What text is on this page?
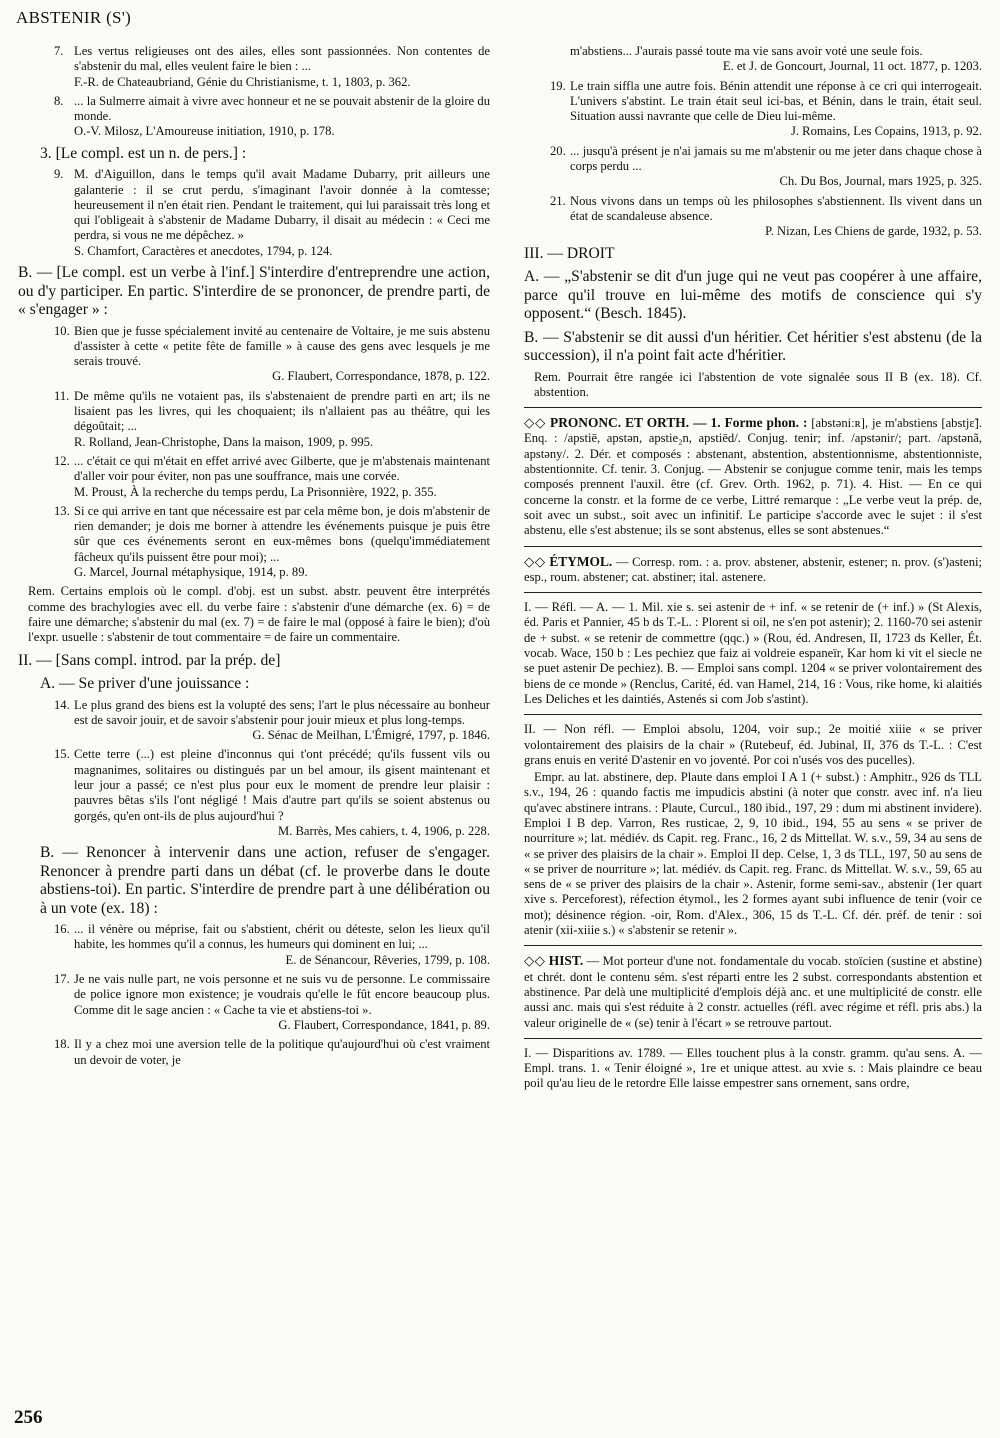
ABSTENIR (S')
7. Les vertus religieuses ont des ailes, elles sont passionnées. Non contentes de s'abstenir du mal, elles veulent faire le bien : ...
F.-R. de Chateaubriand, Génie du Christianisme, t. 1, 1803, p. 362.
8. ... la Sulmerre aimait à vivre avec honneur et ne se pouvait abstenir de la gloire du monde.
O.-V. Milosz, L'Amoureuse initiation, 1910, p. 178.
3. [Le compl. est un n. de pers.] :
9. M. d'Aiguillon, dans le temps qu'il avait Madame Dubarry, prit ailleurs une galanterie : il se crut perdu, s'imaginant l'avoir donnée à la comtesse; heureusement il n'en était rien. Pendant le traitement, qui lui paraissait très long et qui l'obligeait à s'abstenir de Madame Dubarry, il disait au médecin : « Ceci me perdra, si vous ne me dépêchez. »
S. Chamfort, Caractères et anecdotes, 1794, p. 124.
B. — [Le compl. est un verbe à l'inf.] S'interdire d'entreprendre une action, ou d'y participer. En partic. S'interdire de se prononcer, de prendre parti, de « s'engager » :
10. Bien que je fusse spécialement invité au centenaire de Voltaire, je me suis abstenu d'assister à cette « petite fête de famille » à cause des gens avec lesquels je me serais trouvé.
G. Flaubert, Correspondance, 1878, p. 122.
11. De même qu'ils ne votaient pas, ils s'abstenaient de prendre parti en art; ils ne lisaient pas les livres, qui les choquaient; ils n'allaient pas au théâtre, qui les dégoûtait; ...
R. Rolland, Jean-Christophe, Dans la maison, 1909, p. 995.
12. ... c'était ce qui m'était en effet arrivé avec Gilberte, que je m'abstenais maintenant d'aller voir pour éviter, non pas une souffrance, mais une corvée.
M. Proust, À la recherche du temps perdu, La Prisonnière, 1922, p. 355.
13. Si ce qui arrive en tant que nécessaire est par cela même bon, je dois m'abstenir de rien demander; je dois me borner à attendre les événements puisque je puis être sûr que ces événements seront en eux-mêmes bons (quelqu'immédiatement fâcheux qu'ils puissent être pour moi); ...
G. Marcel, Journal métaphysique, 1914, p. 89.
Rem. Certains emplois où le compl. d'obj. est un subst. abstr. peuvent être interprétés comme des brachylogies avec ell. du verbe faire : s'abstenir d'une démarche (ex. 6) = de faire une démarche; s'abstenir du mal (ex. 7) = de faire le mal (opposé à faire le bien); d'où l'expr. usuelle : s'abstenir de tout commentaire = de faire un commentaire.
II. — [Sans compl. introd. par la prép. de]
A. — Se priver d'une jouissance :
14. Le plus grand des biens est la volupté des sens; l'art le plus nécessaire au bonheur est de savoir jouir, et de savoir s'abstenir pour jouir mieux et plus long-temps.
G. Sénac de Meilhan, L'Émigré, 1797, p. 1846.
15. Cette terre (...) est pleine d'inconnus qui t'ont précédé; qu'ils fussent vils ou magnanimes, solitaires ou distingués par un bel amour, ils gisent maintenant et leur jour a passé; ce n'est plus pour eux le moment de prendre leur plaisir : pauvres bêtas s'ils l'ont négligé ! Mais d'autre part qu'ils se soient abstenus ou gorgés, qu'en ont-ils de plus aujourd'hui ?
M. Barrès, Mes cahiers, t. 4, 1906, p. 228.
B. — Renoncer à intervenir dans une action, refuser de s'engager. Renoncer à prendre parti dans un débat (cf. le proverbe dans le doute abstiens-toi). En partic. S'interdire de prendre part à une délibération ou à un vote (ex. 18) :
16. ... il vénère ou méprise, fait ou s'abstient, chérit ou déteste, selon les lieux qu'il habite, les hommes qu'il a connus, les humeurs qui dominent en lui; ...
E. de Sénancour, Rêveries, 1799, p. 108.
17. Je ne vais nulle part, ne vois personne et ne suis vu de personne. Le commissaire de police ignore mon existence; je voudrais qu'elle le fût encore beaucoup plus. Comme dit le sage ancien : « Cache ta vie et abstiens-toi ».
G. Flaubert, Correspondance, 1841, p. 89.
18. Il y a chez moi une aversion telle de la politique qu'aujourd'hui où c'est vraiment un devoir de voter, je
m'abstiens... J'aurais passé toute ma vie sans avoir voté une seule fois.
E. et J. de Goncourt, Journal, 11 oct. 1877, p. 1203.
19. Le train siffla une autre fois. Bénin attendit une réponse à ce cri qui interrogeait. L'univers s'abstint. Le train était seul ici-bas, et Bénin, dans le train, était seul. Situation aussi navrante que celle de Dieu lui-même.
J. Romains, Les Copains, 1913, p. 92.
20. ... jusqu'à présent je n'ai jamais su me m'abstenir ou me jeter dans chaque chose à corps perdu ...
Ch. Du Bos, Journal, mars 1925, p. 325.
21. Nous vivons dans un temps où les philosophes s'abstiennent. Ils vivent dans un état de scandaleuse absence.
P. Nizan, Les Chiens de garde, 1932, p. 53.
III. — DROIT
A. — „S'abstenir se dit d'un juge qui ne veut pas coopérer à une affaire, parce qu'il trouve en lui-même des motifs de conscience qui s'y opposent.“ (Besch. 1845).
B. — S'abstenir se dit aussi d'un héritier. Cet héritier s'est abstenu (de la succession), il n'a point fait acte d'héritier.
Rem. Pourrait être rangée ici l'abstention de vote signalée sous II B (ex. 18). Cf. abstention.
◇◇ PRONONC. ET ORTH. — 1. Forme phon. : [abstəniːʀ], je m'abstiens [abstjɛ̃]. Enq. : /apstiē, apstən, apstie₂n, apstiēd/. Conjug. tenir; inf. /apstənir/; part. /apstənã, apstəny/. 2. Dér. et composés : abstenant, abstention, abstentionnisme, abstentionniste, abstentionnite. Cf. tenir. 3. Conjug. — Abstenir se conjugue comme tenir, mais les temps composés prennent l'auxil. être (cf. Grev. Orth. 1962, p. 71). 4. Hist. — En ce qui concerne la constr. et la forme de ce verbe, Littré remarque : „Le verbe veut la prép. de, soit avec un subst., soit avec un infinitif. Le participe s'accorde avec le sujet : il s'est abstenu, elle s'est abstenue; ils se sont abstenus, elles se sont abstenues.“
◇◇ ÉTYMOL. — Corresp. rom. : a. prov. abstener, abstenir, estener; n. prov. (s')asteni; esp., roum. abstener; cat. abstiner; ital. astenere.
I. — Réfl. — A. — 1. Mil. xie s. sei astenir de + inf. « se retenir de (+ inf.) » (St Alexis, éd. Paris et Pannier, 45 b ds T.-L. : Plorent si oil, ne s'en pot astenir); 2. 1160-70 sei astenir de + subst. « se retenir de commettre (qqc.) » (Rou, éd. Andresen, II, 1723 ds Keller, Ét. vocab. Wace, 150 b : Les pechiez que faiz ai voldreie espaneïr, Kar hom ki vit el siecle ne se puet astenir De pechiez). B. — Emploi sans compl. 1204 « se priver volontairement des biens de ce monde » (Renclus, Carité, éd. van Hamel, 214, 16 : Vous, rike home, ki alaitiés Les Deliches et les daintiés, Astenés si com Job s'astint).
II. — Non réfl. — Emploi absolu, 1204, voir sup.; 2e moitié xiiie « se priver volontairement des plaisirs de la chair » (Rutebeuf, éd. Jubinal, II, 376 ds T.-L. : C'est grans enuis en verité D'astenir en vo joventé. Por coi n'usés vos des pucelles).
Empr. au lat. abstinere, dep. Plaute dans emploi I A 1 (+ subst.) : Amphitr., 926 ds TLL s.v., 194, 26 : quando factis me impudicis abstini (à noter que constr. avec inf. n'a lieu qu'avec abstinere intrans. : Plaute, Curcul., 180 ibid., 197, 29 : dum mi abstinent invidere). Emploi I B dep. Varron, Res rusticae, 2, 9, 10 ibid., 194, 55 au sens « se priver de nourriture »; lat. médiév. ds Capit. reg. Franc., 16, 2 ds Mittellat. W. s.v., 59, 34 au sens de « se priver des plaisirs de la chair ». Emploi II dep. Celse, 1, 3 ds TLL, 197, 50 au sens de « se priver de nourriture »; lat. médiév. ds Capit. reg. Franc. ds Mittellat. W. s.v., 59, 65 au sens de « se priver des plaisirs de la chair ». Astenir, forme semi-sav., abstenir (1er quart xive s. Perceforest), réfection étymol., les 2 formes ayant subi influence de tenir (voir ce mot); désinence région. -oir, Rom. d'Alex., 306, 15 ds T.-L. Cf. dér. préf. de tenir : soi atenir (xii-xiiie s.) « s'abstenir se retenir ».
◇◇ HIST. — Mot porteur d'une not. fondamentale du vocab. stoïcien (sustine et abstine) et chrét. dont le contenu sém. s'est réparti entre les 2 subst. correspondants abstention et abstinence. Par delà une multiplicité d'emplois déjà anc. et une multiplicité de constr. elle aussi anc. mais qui s'est réduite à 2 constr. actuelles (réfl. avec régime et réfl. pris abs.) la valeur originelle de « (se) tenir à l'écart » se retrouve partout.
I. — Disparitions av. 1789. — Elles touchent plus à la constr. gramm. qu'au sens. A. — Empl. trans. 1. « Tenir éloigné », 1re et unique attest. au xvie s. : Mais plaindre ce beau poil qu'au lieu de le retordre Elle laisse empestrer sans ornement, sans ordre,
256
